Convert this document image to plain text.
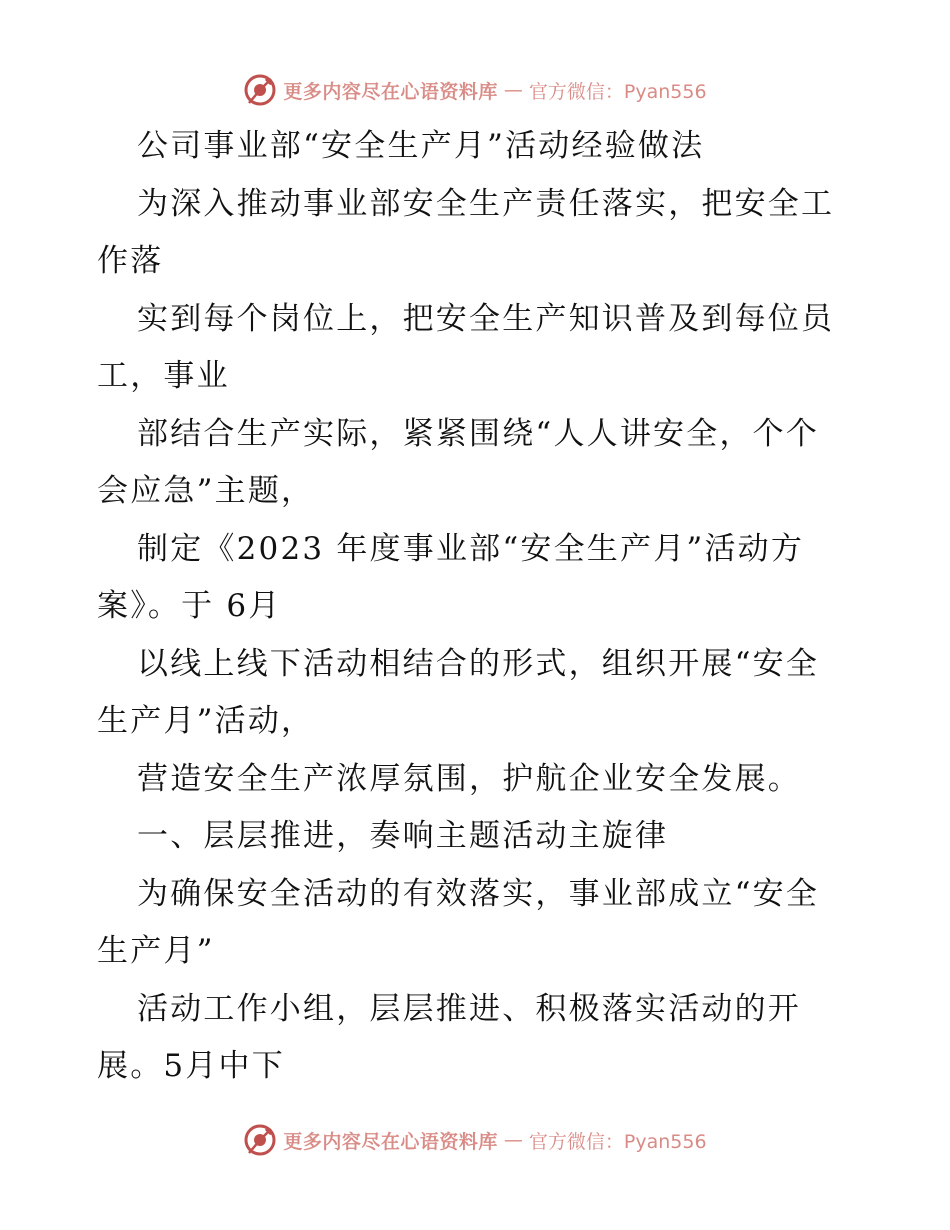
更多内容尽在心语资料库 — 官方微信：Pyan556
公司事业部“安全生产月”活动经验做法
为深入推动事业部安全生产责任落实，把安全工
作落
实到每个岗位上，把安全生产知识普及到每位员
工，事业
部结合生产实际，紧紧围绕“人人讲安全，个个
会应急”主题，
制定《2023 年度事业部“安全生产月”活动方
案》。于 6月
以线上线下活动相结合的形式，组织开展“安全
生产月”活动，
营造安全生产浓厚氛围，护航企业安全发展。
一、层层推进，奏响主题活动主旋律
为确保安全活动的有效落实，事业部成立“安全
生产月”
活动工作小组，层层推进、积极落实活动的开
展。5月中下
更多内容尽在心语资料库 — 官方微信：Pyan556
